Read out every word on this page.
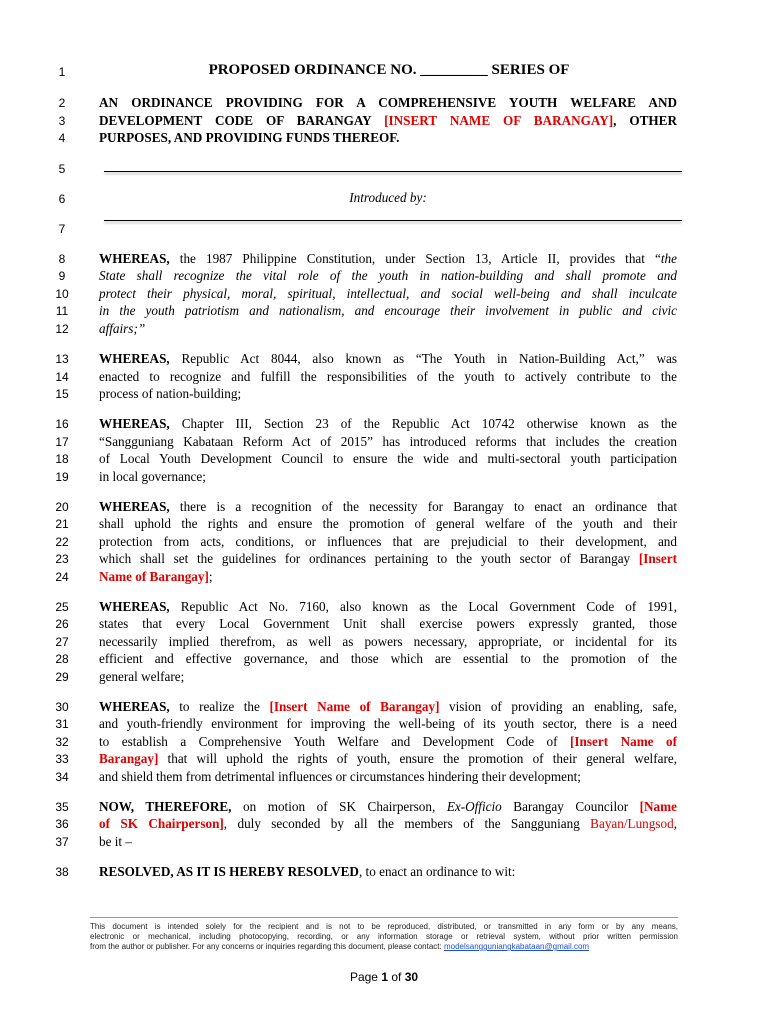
1
2
3
4
5
6
7
8
9
10
11
12
13
14
15
16
17
18
19
20
21
22
23
24
25
26
27
28
29
30
31
32
33
34
35
36
37
38
PROPOSED ORDINANCE NO. _________ SERIES OF
AN ORDINANCE PROVIDING FOR A COMPREHENSIVE YOUTH WELFARE AND
DEVELOPMENT CODE OF BARANGAY [INSERT NAME OF BARANGAY], OTHER
PURPOSES, AND PROVIDING FUNDS THEREOF.
Introduced by:
WHEREAS, the 1987 Philippine Constitution, under Section 13, Article II, provides that “the
State shall recognize the vital role of the youth in nation-building and shall promote and
protect their physical, moral, spiritual, intellectual, and social well-being and shall inculcate
in the youth patriotism and nationalism, and encourage their involvement in public and civic
affairs;”
WHEREAS, Republic Act 8044, also known as “The Youth in Nation-Building Act,” was
enacted to recognize and fulfill the responsibilities of the youth to actively contribute to the
process of nation-building;
WHEREAS, Chapter III, Section 23 of the Republic Act 10742 otherwise known as the
“Sangguniang Kabataan Reform Act of 2015” has introduced reforms that includes the creation
of Local Youth Development Council to ensure the wide and multi-sectoral youth participation
in local governance;
WHEREAS, there is a recognition of the necessity for Barangay to enact an ordinance that
shall uphold the rights and ensure the promotion of general welfare of the youth and their
protection from acts, conditions, or influences that are prejudicial to their development, and
which shall set the guidelines for ordinances pertaining to the youth sector of Barangay [Insert
Name of Barangay];
WHEREAS, Republic Act No. 7160, also known as the Local Government Code of 1991,
states that every Local Government Unit shall exercise powers expressly granted, those
necessarily implied therefrom, as well as powers necessary, appropriate, or incidental for its
efficient and effective governance, and those which are essential to the promotion of the
general welfare;
WHEREAS, to realize the [Insert Name of Barangay] vision of providing an enabling, safe,
and youth-friendly environment for improving the well-being of its youth sector, there is a need
to establish a Comprehensive Youth Welfare and Development Code of [Insert Name of
Barangay] that will uphold the rights of youth, ensure the promotion of their general welfare,
and shield them from detrimental influences or circumstances hindering their development;
NOW, THEREFORE, on motion of SK Chairperson, Ex-Officio Barangay Councilor [Name
of SK Chairperson], duly seconded by all the members of the Sangguniang Bayan/Lungsod,
be it –
RESOLVED, AS IT IS HEREBY RESOLVED, to enact an ordinance to wit:
This document is intended solely for the recipient and is not to be reproduced, distributed, or transmitted in any form or by any means,
electronic or mechanical, including photocopying, recording, or any information storage or retrieval system, without prior written permission
from the author or publisher. For any concerns or inquiries regarding this document, please contact: modelsangguniangkabataan@gmail.com
Page 1 of 30
